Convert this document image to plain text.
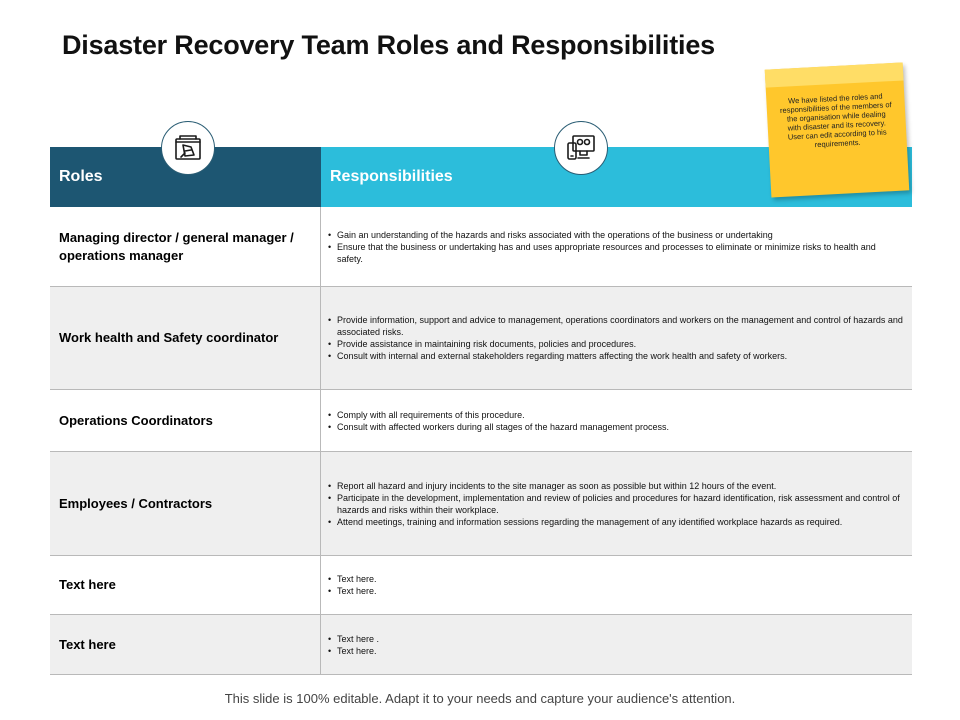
Disaster Recovery Team Roles and Responsibilities
Roles	Responsibilities
Managing director / general manager / operations manager
• Gain an understanding of the hazards and risks associated with the operations of the business or undertaking
• Ensure that the business or undertaking has and uses appropriate resources and processes to eliminate or minimize risks to health and safety.
Work health and Safety coordinator
• Provide information, support and advice to management, operations coordinators and workers on the management and control of hazards and associated risks.
• Provide assistance in maintaining risk documents, policies and procedures.
• Consult with internal and external stakeholders regarding matters affecting the work health and safety of workers.
Operations Coordinators	• Comply with all requirements of this procedure.
• Consult with affected workers during all stages of the hazard management process.
Employees / Contractors
• Report all hazard and injury incidents to the site manager as soon as possible but within 12 hours of the event.
• Participate in the development, implementation and review of policies and procedures for hazard identification, risk assessment and control of hazards and risks within their workplace.
• Attend meetings, training and information sessions regarding the management of any identified workplace hazards as required.
Text here	• Text here.
• Text here.
Text here	• Text here .
• Text here.
We have listed the roles and responsibilities of the members of the organisation while dealing with disaster and its recovery. User can edit according to his requirements.
This slide is 100% editable. Adapt it to your needs and capture your audience's attention.
